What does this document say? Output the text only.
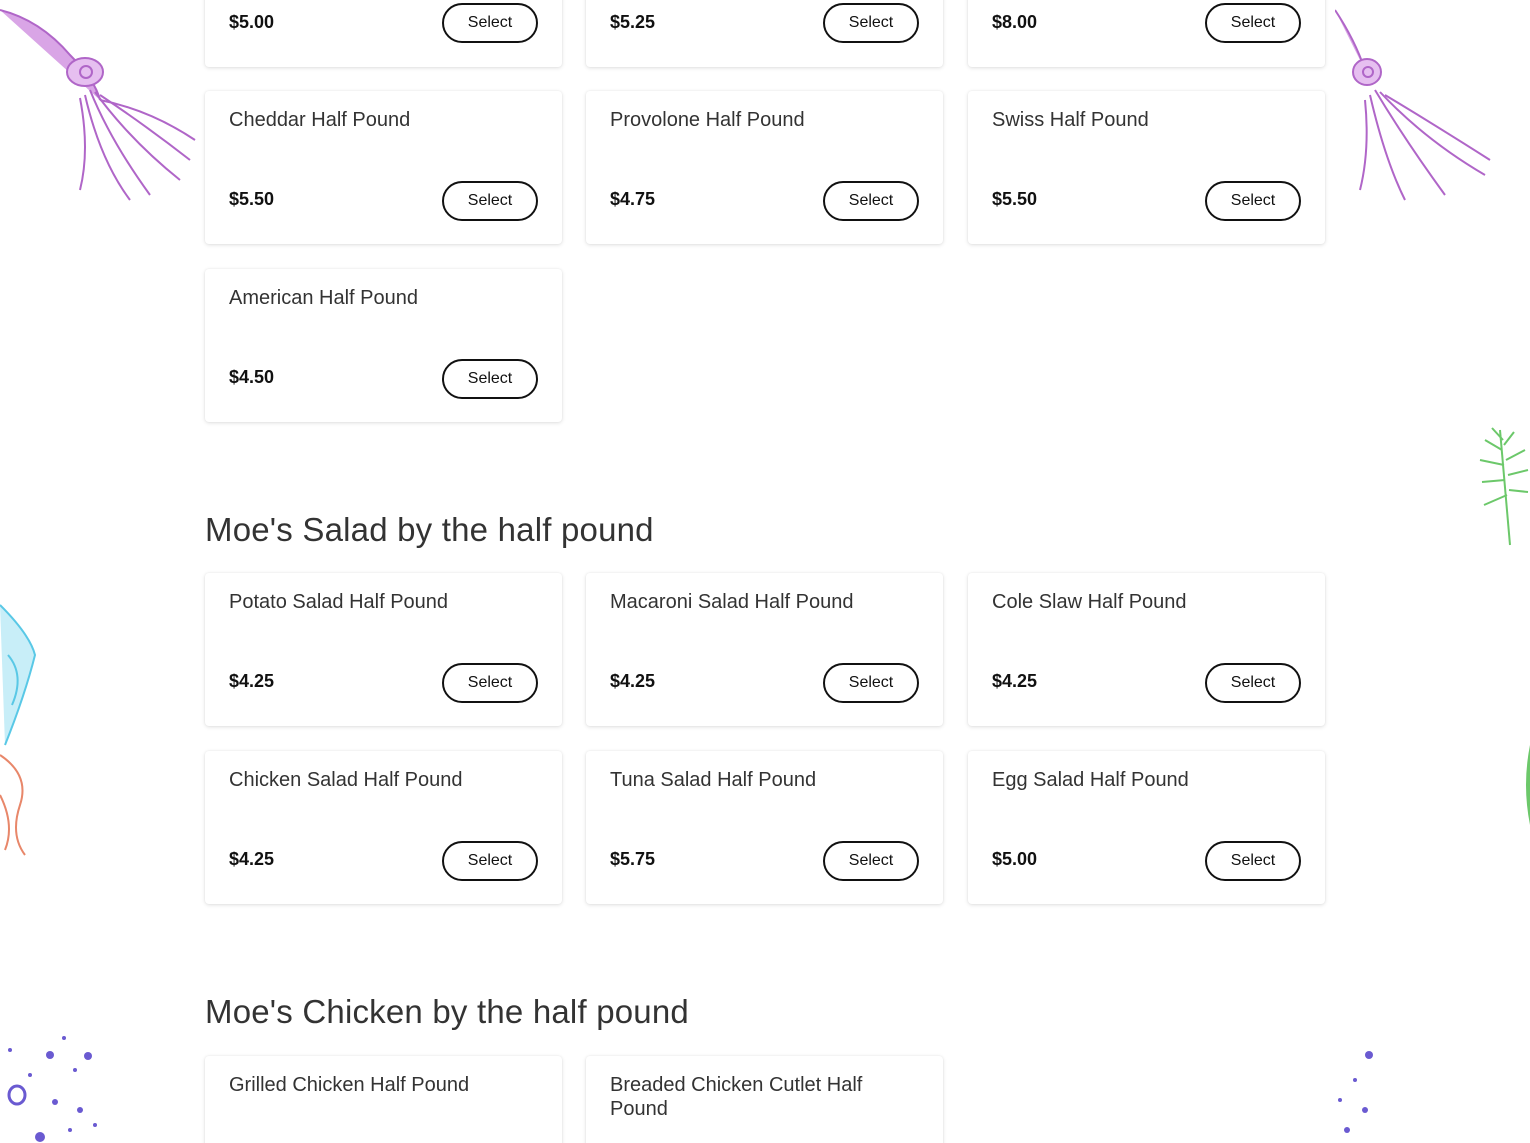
$5.00	Select	$5.25	Select	$8.00	Select
Cheddar Half Pound
$5.50	Select
Provolone Half Pound
$4.75	Select
Swiss Half Pound
$5.50	Select
American Half Pound
$4.50	Select
Moe's Salad by the half pound
Potato Salad Half Pound
$4.25	Select
Macaroni Salad Half Pound
$4.25	Select
Cole Slaw Half Pound
$4.25	Select
Chicken Salad Half Pound
$4.25	Select
Tuna Salad Half Pound
$5.75	Select
Egg Salad Half Pound
$5.00	Select
Moe's Chicken by the half pound
Grilled Chicken Half Pound	Breaded Chicken Cutlet Half Pound
